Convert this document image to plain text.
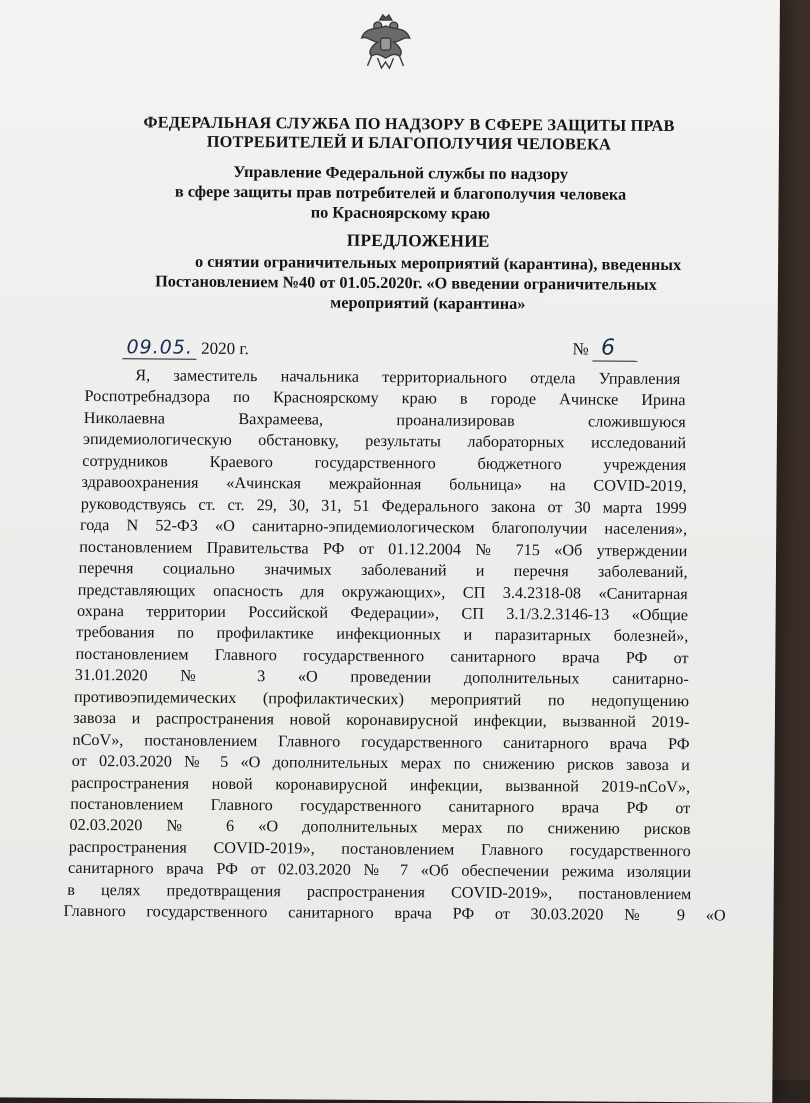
ФЕДЕРАЛЬНАЯ СЛУЖБА ПО НАДЗОРУ В СФЕРЕ ЗАЩИТЫ ПРАВ
ПОТРЕБИТЕЛЕЙ И БЛАГОПОЛУЧИЯ ЧЕЛОВЕКА
Управление Федеральной службы по надзору
в сфере защиты прав потребителей и благополучия человека
по Красноярскому краю
ПРЕДЛОЖЕНИЕ
о снятии ограничительных мероприятий (карантина), введенных
Постановлением №40 от 01.05.2020г. «О введении ограничительных
мероприятий (карантина»
09.05. 2020 г.	№ 6
Я, заместитель начальника территориального отдела Управления
Роспотребнадзора по Красноярскому краю в городе Ачинске Ирина
Николаевна Вахрамеева, проанализировав сложившуюся
эпидемиологическую обстановку, результаты лабораторных исследований
сотрудников Краевого государственного бюджетного учреждения
здравоохранения «Ачинская межрайонная больница» на COVID-2019,
руководствуясь ст. ст. 29, 30, 31, 51 Федерального закона от 30 марта 1999
года N 52-ФЗ «О санитарно-эпидемиологическом благополучии населения»,
постановлением Правительства РФ от 01.12.2004 № 715 «Об утверждении
перечня социально значимых заболеваний и перечня заболеваний,
представляющих опасность для окружающих», СП 3.4.2318-08 «Санитарная
охрана территории Российской Федерации», СП 3.1/3.2.3146-13 «Общие
требования по профилактике инфекционных и паразитарных болезней»,
постановлением Главного государственного санитарного врача РФ от
31.01.2020 № 3 «О проведении дополнительных санитарно-
противоэпидемических (профилактических) мероприятий по недопущению
завоза и распространения новой коронавирусной инфекции, вызванной 2019-
nCoV», постановлением Главного государственного санитарного врача РФ
от 02.03.2020 № 5 «О дополнительных мерах по снижению рисков завоза и
распространения новой коронавирусной инфекции, вызванной 2019-nCoV»,
постановлением Главного государственного санитарного врача РФ от
02.03.2020 № 6 «О дополнительных мерах по снижению рисков
распространения COVID-2019», постановлением Главного государственного
санитарного врача РФ от 02.03.2020 № 7 «Об обеспечении режима изоляции
в целях предотвращения распространения COVID-2019», постановлением
Главного государственного санитарного врача РФ от 30.03.2020 № 9 «О
